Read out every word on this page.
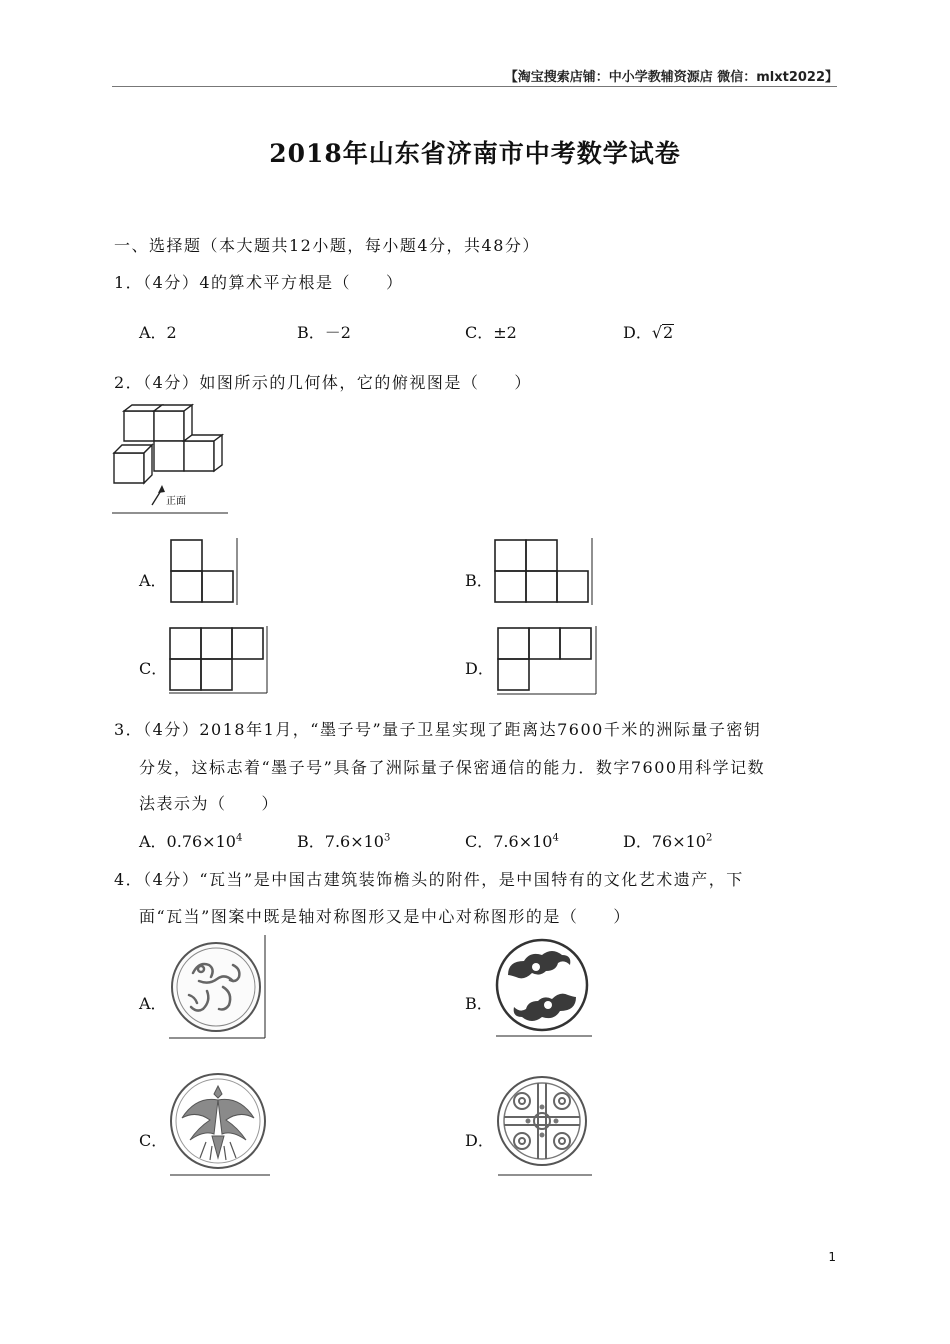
【淘宝搜索店铺：中小学教辅资源店 微信：mlxt2022】
2018年山东省济南市中考数学试卷
一、选择题（本大题共12小题，每小题4分，共48分）
1．（4分）4的算术平方根是（　　）
A．2	B．－2	C．±2	D．√2
2．（4分）如图所示的几何体，它的俯视图是（　　）
正面
A．	B．
C．	D．
3．（4分）2018年1月，“墨子号”量子卫星实现了距离达7600千米的洲际量子密钥
分发，这标志着“墨子号”具备了洲际量子保密通信的能力．数字7600用科学记数
法表示为（　　）
A．$0.76\times 10^4$	B．$7.6\times 10^3$	C．$7.6\times 10^4$	D．$76\times 10^2$
4．（4分）“瓦当”是中国古建筑装饰檐头的附件，是中国特有的文化艺术遗产，下
面“瓦当”图案中既是轴对称图形又是中心对称图形的是（　　）
A．	B．
C．	D．
1
